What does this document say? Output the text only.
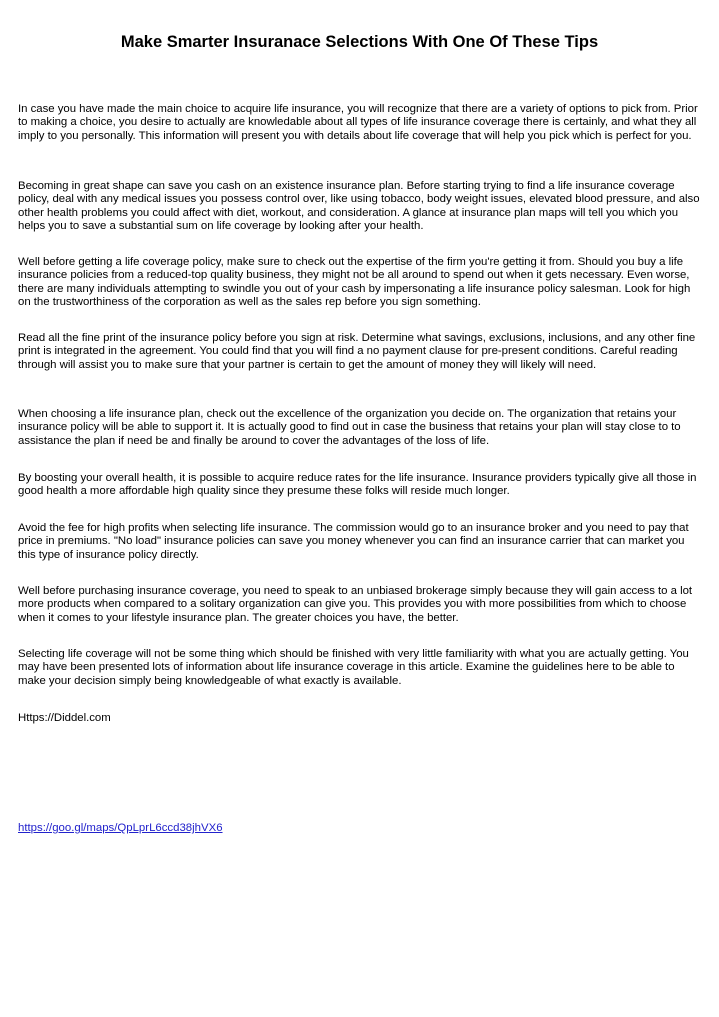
Make Smarter Insuranace Selections With One Of These Tips

In case you have made the main choice to acquire life insurance, you will recognize that there are a variety of options to pick from. Prior to making a choice, you desire to actually are knowledable about all types of life insurance coverage there is certainly, and what they all imply to you personally. This information will present you with details about life coverage that will help you pick which is perfect for you.

Becoming in great shape can save you cash on an existence insurance plan. Before starting trying to find a life insurance coverage policy, deal with any medical issues you possess control over, like using tobacco, body weight issues, elevated blood pressure, and also other health problems you could affect with diet, workout, and consideration. A glance at insurance plan maps will tell you which you helps you to save a substantial sum on life coverage by looking after your health.

Well before getting a life coverage policy, make sure to check out the expertise of the firm you're getting it from. Should you buy a life insurance policies from a reduced-top quality business, they might not be all around to spend out when it gets necessary. Even worse, there are many individuals attempting to swindle you out of your cash by impersonating a life insurance policy salesman. Look for high on the trustworthiness of the corporation as well as the sales rep before you sign something.

Read all the fine print of the insurance policy before you sign at risk. Determine what savings, exclusions, inclusions, and any other fine print is integrated in the agreement. You could find that you will find a no payment clause for pre-present conditions. Careful reading through will assist you to make sure that your partner is certain to get the amount of money they will likely will need.

When choosing a life insurance plan, check out the excellence of the organization you decide on. The organization that retains your insurance policy will be able to support it. It is actually good to find out in case the business that retains your plan will stay close to to assistance the plan if need be and finally be around to cover the advantages of the loss of life.

By boosting your overall health, it is possible to acquire reduce rates for the life insurance. Insurance providers typically give all those in good health a more affordable high quality since they presume these folks will reside much longer.

Avoid the fee for high profits when selecting life insurance. The commission would go to an insurance broker and you need to pay that price in premiums. "No load" insurance policies can save you money whenever you can find an insurance carrier that can market you this type of insurance policy directly.

Well before purchasing insurance coverage, you need to speak to an unbiased brokerage simply because they will gain access to a lot more products when compared to a solitary organization can give you. This provides you with more possibilities from which to choose when it comes to your lifestyle insurance plan. The greater choices you have, the better.

Selecting life coverage will not be some thing which should be finished with very little familiarity with what you are actually getting. You may have been presented lots of information about life insurance coverage in this article. Examine the guidelines here to be able to make your decision simply being knowledgeable of what exactly is available.

Https://Diddel.com

https://goo.gl/maps/QpLprL6ccd38jhVX6
